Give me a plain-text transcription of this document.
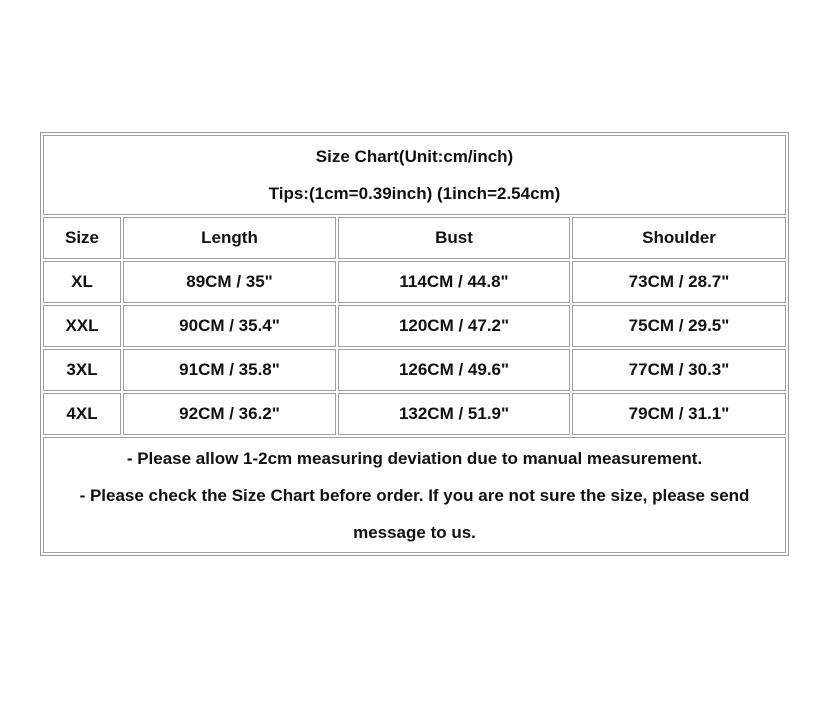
Size Chart(Unit:cm/inch)
Tips:(1cm=0.39inch) (1inch=2.54cm)			

Size	Length	Bust	Shoulder
XL	89CM / 35"	114CM / 44.8"	73CM / 28.7"
XXL	90CM / 35.4"	120CM / 47.2"	75CM / 29.5"
3XL	91CM / 35.8"	126CM / 49.6"	77CM / 30.3"
4XL	92CM / 36.2"	132CM / 51.9"	79CM / 31.1"

- Please allow 1-2cm measuring deviation due to manual measurement.
- Please check the Size Chart before order. If you are not sure the size, please send message to us.			
